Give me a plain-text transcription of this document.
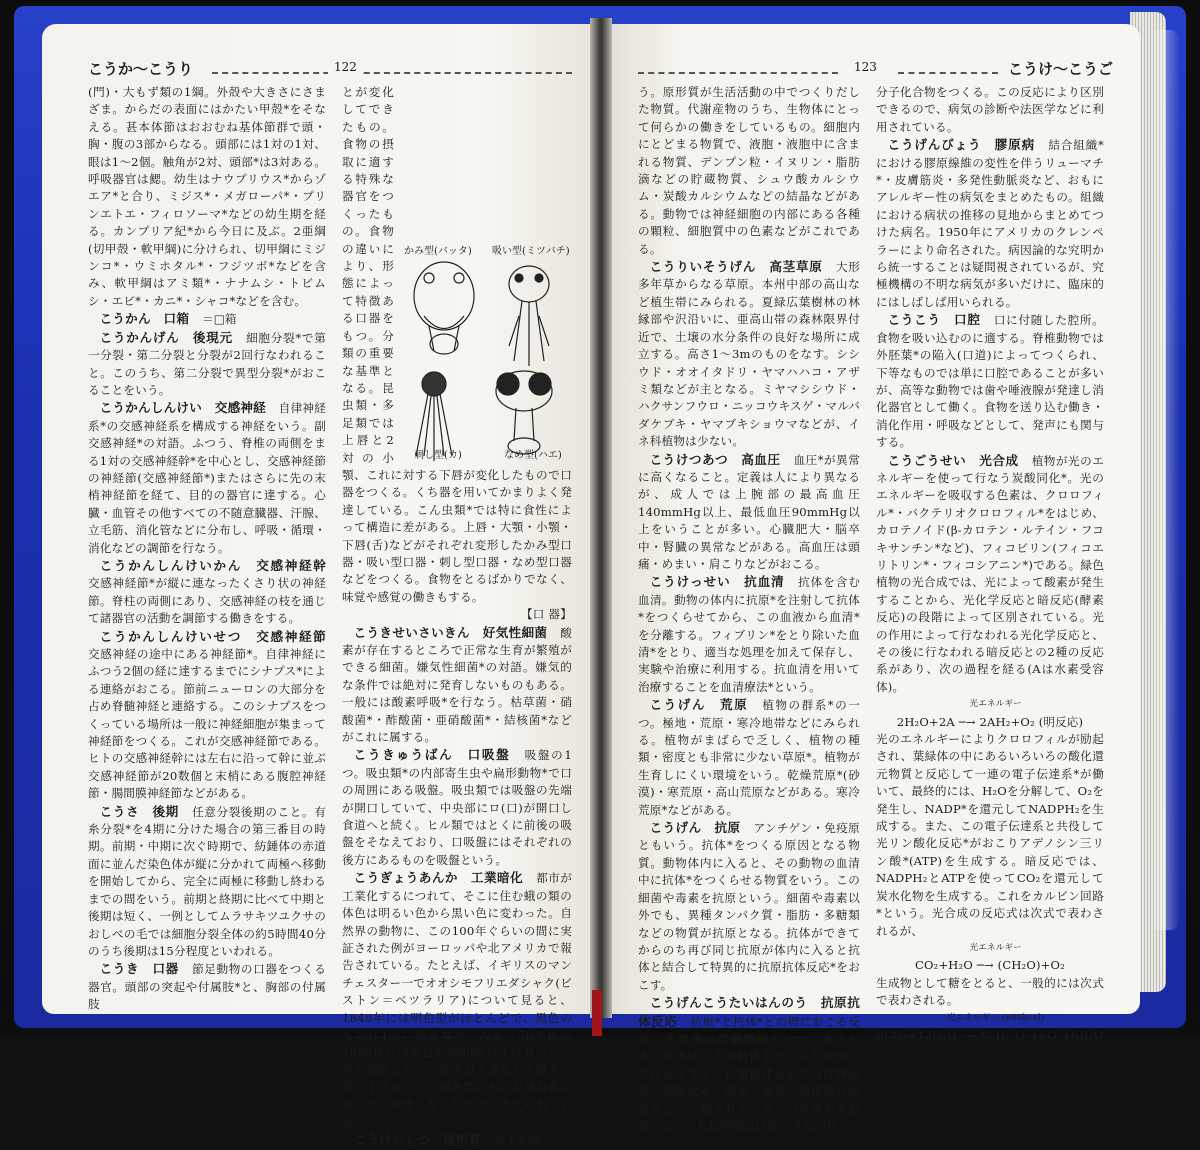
こうか～こうり	122

(門)・大もず類の1綱。外殻や大きさにさまざま。からだの表面にはかたい甲殻*をそなえる。甚本体節はおおむね基体節群で頭・胸・腹の3部からなる。頭部には1対の1対、眼は1～2個。触角が2対、頭部*は3対ある。呼吸器官は鰓。幼生はナウプリウス*からゾエア*と合り、ミジス*・メガローパ*・プリンエトエ・フィロソーマ*などの幼生期を経る。カンプリア紀*から今日に及ぶ。2亜綱(切甲殻・軟甲綱)に分けられ、切甲綱にミジンコ*・ウミホタル*・フジツボ*などを含み、軟甲綱はアミ類*・ナナムシ・トビムシ・エビ*・カニ*・シャコ*などを含む。

こうかん　口箱　＝□箱

こうかんげん　後現元　細胞分裂*で第一分裂・第二分裂と分裂が2回行なわれること。このうち、第二分裂で異型分裂*がおこることをいう。

こうかんしんけい　交感神経　自律神経系*の交感神経系を構成する神経をいう。副交感神経*の対語。ふつう、脊椎の両側をまる1対の交感神経幹*を中心とし、交感神経節の神経節(交感神経節*)またはさらに先の末梢神経節を経て、目的の器官に達する。心臓・血管その他すべての不随意臓器、汗腺、立毛筋、消化管などに分布し、呼吸・循環・消化などの調節を行なう。

こうかんしんけいかん　交感神経幹　交感神経節*が縦に連なったくさり状の神経節。脊柱の両側にあり、交感神経の枝を通じて諸器官の活動を調節する働きをする。

こうかんしんけいせつ　交感神経節　交感神経の途中にある神経節*。自律神経にふつう2個の経に達するまでにシナプス*による連絡がおこる。節前ニューロンの大部分を占め脊髄神経と連絡する。このシナプスをつくっている場所は一般に神経細胞が集まって神経節をつくる。これが交感神経節である。ヒトの交感神経幹には左右に沿って幹に並ぶ交感神経節が20数個と末梢にある腹腔神経節・腸間膜神経節などがある。

こうさ　後期　任意分裂後期のこと。有糸分裂*を4期に分けた場合の第三番目の時期。前期・中期に次ぐ時期で、紡錘体の赤道面に並んだ染色体が縦に分かれて両極へ移動を開始してから、完全に両極に移動し終わるまでの間をいう。前期と終期に比べて中期と後期は短く、一例としてムラサキツユクサのおしべの毛では細胞分裂全体の約5時間40分のうち後期は15分程度といわれる。

こうき　口器　節足動物の口器をつくる器官。頭部の突起や付属肢*と、胸部の付属肢

とが変化してできたもの。食物の摂取に適する特殊な器官をつくったもの。食物の違いにより、形態によって特徴ある口器をもつ。分類の重要な基準となる。昆虫類・多足類では上唇と2対の小顎、これに対する下唇が変化したもので口器をつくる。くち器を用いてかまりよく発達している。こん虫類*では特に食性によって構造に差がある。上唇・大顎・小顎・下唇(舌)などがそれぞれ変形したかみ型口器・吸い型口器・刺し型口器・なめ型口器などをつくる。食物をとるばかりでなく、味覚や感覚の働きもする。

【口 器】

こうきせいさいきん　好気性細菌　酸素が存在するところで正常な生育が繁殖ができる細菌。嫌気性細菌*の対語。嫌気的な条件では絶対に発育しないものもある。一般には酸素呼吸*を行なう。枯草菌・硝酸菌*・酢酸菌・亜硝酸菌*・結核菌*などがこれに属する。

こうきゅうばん　口吸盤　吸盤の1つ。吸虫類*の内部寄生虫や扁形動物*で口の周囲にある吸盤。吸虫類では吸盤の先端が開口していて、中央部にロ(口)が開口し食道へと続く。ヒル類ではとくに前後の吸盤をそなえており、口吸盤にはそれぞれの後方にあるものを吸盤という。

こうぎょうあんか　工業暗化　都市が工業化するにつれて、そこに住む蛾の類の体色は明るい色から黒い色に変わった。自然界の動物に、この100年ぐらいの間に実証された例がヨーロッパや北アメリカで報告されている。たとえば、イギリスのマンチェスター一でオオシモフリエダシャク(ビストン＝ベツラリア)について見ると、1848年には明色型がほとんどで、黒色のものは1％に過ぎなかったが、50年後の1898年には黒色型が99％以上になった。その理由として、都市が工業化して樹木の幹にすすがついて明色型のものが捕食者に見つかりやすくなったためと考えられている。

こうけいしつ　後形質　後生動物

かみ型(バッタ) 吸い型(ミツバチ)
刺し型(カ)	なめ型(ハエ)
123	こうけ～こうご

う。原形質が生活活動の中でつくりだした物質。代謝産物のうち、生物体にとって何らかの働きをしているもの。細胞内にとどまる物質で、液胞・液胞中に含まれる物質、デンプン粒・イヌリン・脂肪滴などの貯蔵物質、シュウ酸カルシウム・炭酸カルシウムなどの結晶などがある。動物では神経細胞の内部にある各種の顆粒、細胞質中の色素などがこれである。

こうりいそうげん　高茎草原　大形多年草からなる草原。本州中部の高山など植生帯にみられる。夏緑広葉樹林の林縁部や沢沿いに、亜高山帯の森林限界付近で、土壌の水分条件の良好な場所に成立する。高さ1～3mのものをなす。シシウド・オオイタドリ・ヤマハハコ・アザミ類などが主となる。ミヤマシシウド・ハクサンフウロ・ニッコウキスゲ・マルバダケブキ・ヤマブキショウマなどが、イネ科植物は少ない。

こうけつあつ　高血圧　血圧*が異常に高くなること。定義は人により異なるが、成人では上腕部の最高血圧140mmHg以上、最低血圧90mmHg以上をいうことが多い。心臓肥大・脳卒中・腎臓の異常などがある。高血圧は頭痛・めまい・肩こりなどがおこる。

こうけっせい　抗血清　抗体を含む血清。動物の体内に抗原*を注射して抗体*をつくらせてから、この血液から血清*を分離する。フィブリン*をとり除いた血清*をとり、適当な処理を加えて保存し、実験や治療に利用する。抗血清を用いて治療することを血清療法*という。

こうげん　荒原　植物の群系*の一つ。極地・荒原・寒冷地帯などにみられる。植物がまばらで乏しく、植物の種類・密度とも非常に少ない草原*。植物が生育しにくい環境をいう。乾燥荒原*(砂漠)・寒荒原・高山荒原などがある。寒冷荒原*などがある。

こうげん　抗原　アンチゲン・免疫原ともいう。抗体*をつくる原因となる物質。動物体内に入ると、その動物の血清中に抗体*をつくらせる物質をいう。この細菌や毒素を抗原という。細菌や毒素以外でも、異種タンパク質・脂肪・多糖類などの物質が抗原となる。抗体ができてからのち再び同じ抗原が体内に入ると抗体と結合して特異的に抗原抗体反応*をおこす。

こうげんこうたいはんのう　抗原抗体反応　抗原*と抗体*との間におこる反応。生物体の防御機能の一つとみられる。抗体は、その抗体をつくった抗原にだけ反応する。抗原抗体反応には沈降反応・凝集反応・溶菌・溶血・補体結合反応などに分類される。タンパク質や多糖類などのうち化学的に区別できない抗

分子化合物をつくる。この反応により区別できるので、病気の診断や法医学などに利用されている。

こうげんびょう　膠原病　結合組織*における膠原線維の変性を伴うリューマチ*・皮膚筋炎・多発性動脈炎など、おもにアレルギー性の病気をまとめたもの。組織における病状の推移の見地からまとめてつけた病名。1950年にアメリカのクレンペラーにより命名された。病因論的な究明から統一することは疑問視されているが、究極機構の不明な病気が多いだけに、臨床的にはしばしば用いられる。

こうこう　口腔　口に付随した腔所。食物を吸い込むのに適する。脊椎動物では外胚葉*の陥入(口道)によってつくられ、下等なものでは単に口腔であることが多いが、高等な動物では歯や唾液腺が発達し消化器官として働く。食物を送り込む働き・消化作用・呼吸などとして、発声にも関与する。

こうごうせい　光合成　植物が光のエネルギーを使って行なう炭酸同化*。光のエネルギーを吸収する色素は、クロロフィル*・バクテリオクロロフィル*をはじめ、カロテノイド(β-カロテン・ルテイン・フコキサンチン*など)、フィコビリン(フィコエリトリン*・フィコシアニン*)である。緑色植物の光合成では、光によって酸素が発生することから、光化学反応と暗反応(酵素反応)の段階によって区別されている。光の作用によって行なわれる光化学反応と、その後に行なわれる暗反応との2種の反応系があり、次の過程を経る(Aは水素受容体)。

光エネルギー
2H₂O+2A ─→ 2AH₂+O₂ (明反応)

光のエネルギーによりクロロフィルが励起され、葉緑体の中にあるいろいろの酸化還元物質と反応して一連の電子伝達系*が働いて、最終的には、H₂Oを分解して、O₂を発生し、NADP*を還元してNADPH₂を生成する。また、この電子伝達系と共役して光リン酸化反応*がおこりアデノシン三リン酸*(ATP)を生成する。暗反応では、NADPH₂とATPを使ってCO₂を還元して炭水化物を生成する。これをカルビン回路*という。光合成の反応式は次式で表わされるが、

光エネルギー
CO₂+H₂O ─→ (CH₂O)+O₂

生成物として糖をとると、一般的には次式で表わされる。

光エネルギー (688kcal)
6CO₂+12H₂O ─→ C₆H₁₂O₆+6O₂+6H₂O
